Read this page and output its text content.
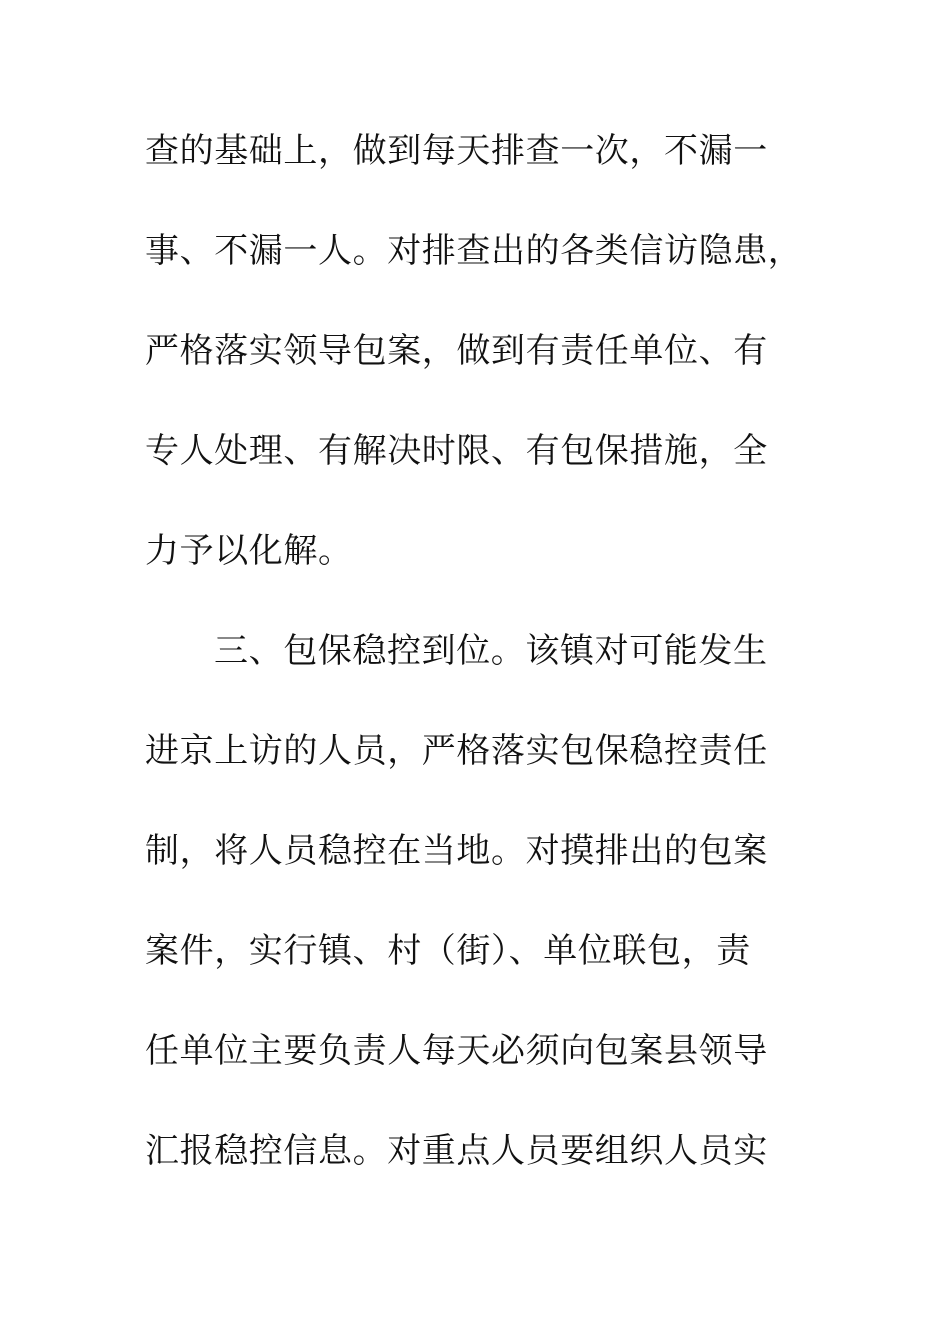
查的基础上，做到每天排查一次，不漏一
事、不漏一人。对排查出的各类信访隐患，
严格落实领导包案，做到有责任单位、有
专人处理、有解决时限、有包保措施，全
力予以化解。
三、包保稳控到位。该镇对可能发生
进京上访的人员，严格落实包保稳控责任
制，将人员稳控在当地。对摸排出的包案
案件，实行镇、村（街）、单位联包，责
任单位主要负责人每天必须向包案县领导
汇报稳控信息。对重点人员要组织人员实
